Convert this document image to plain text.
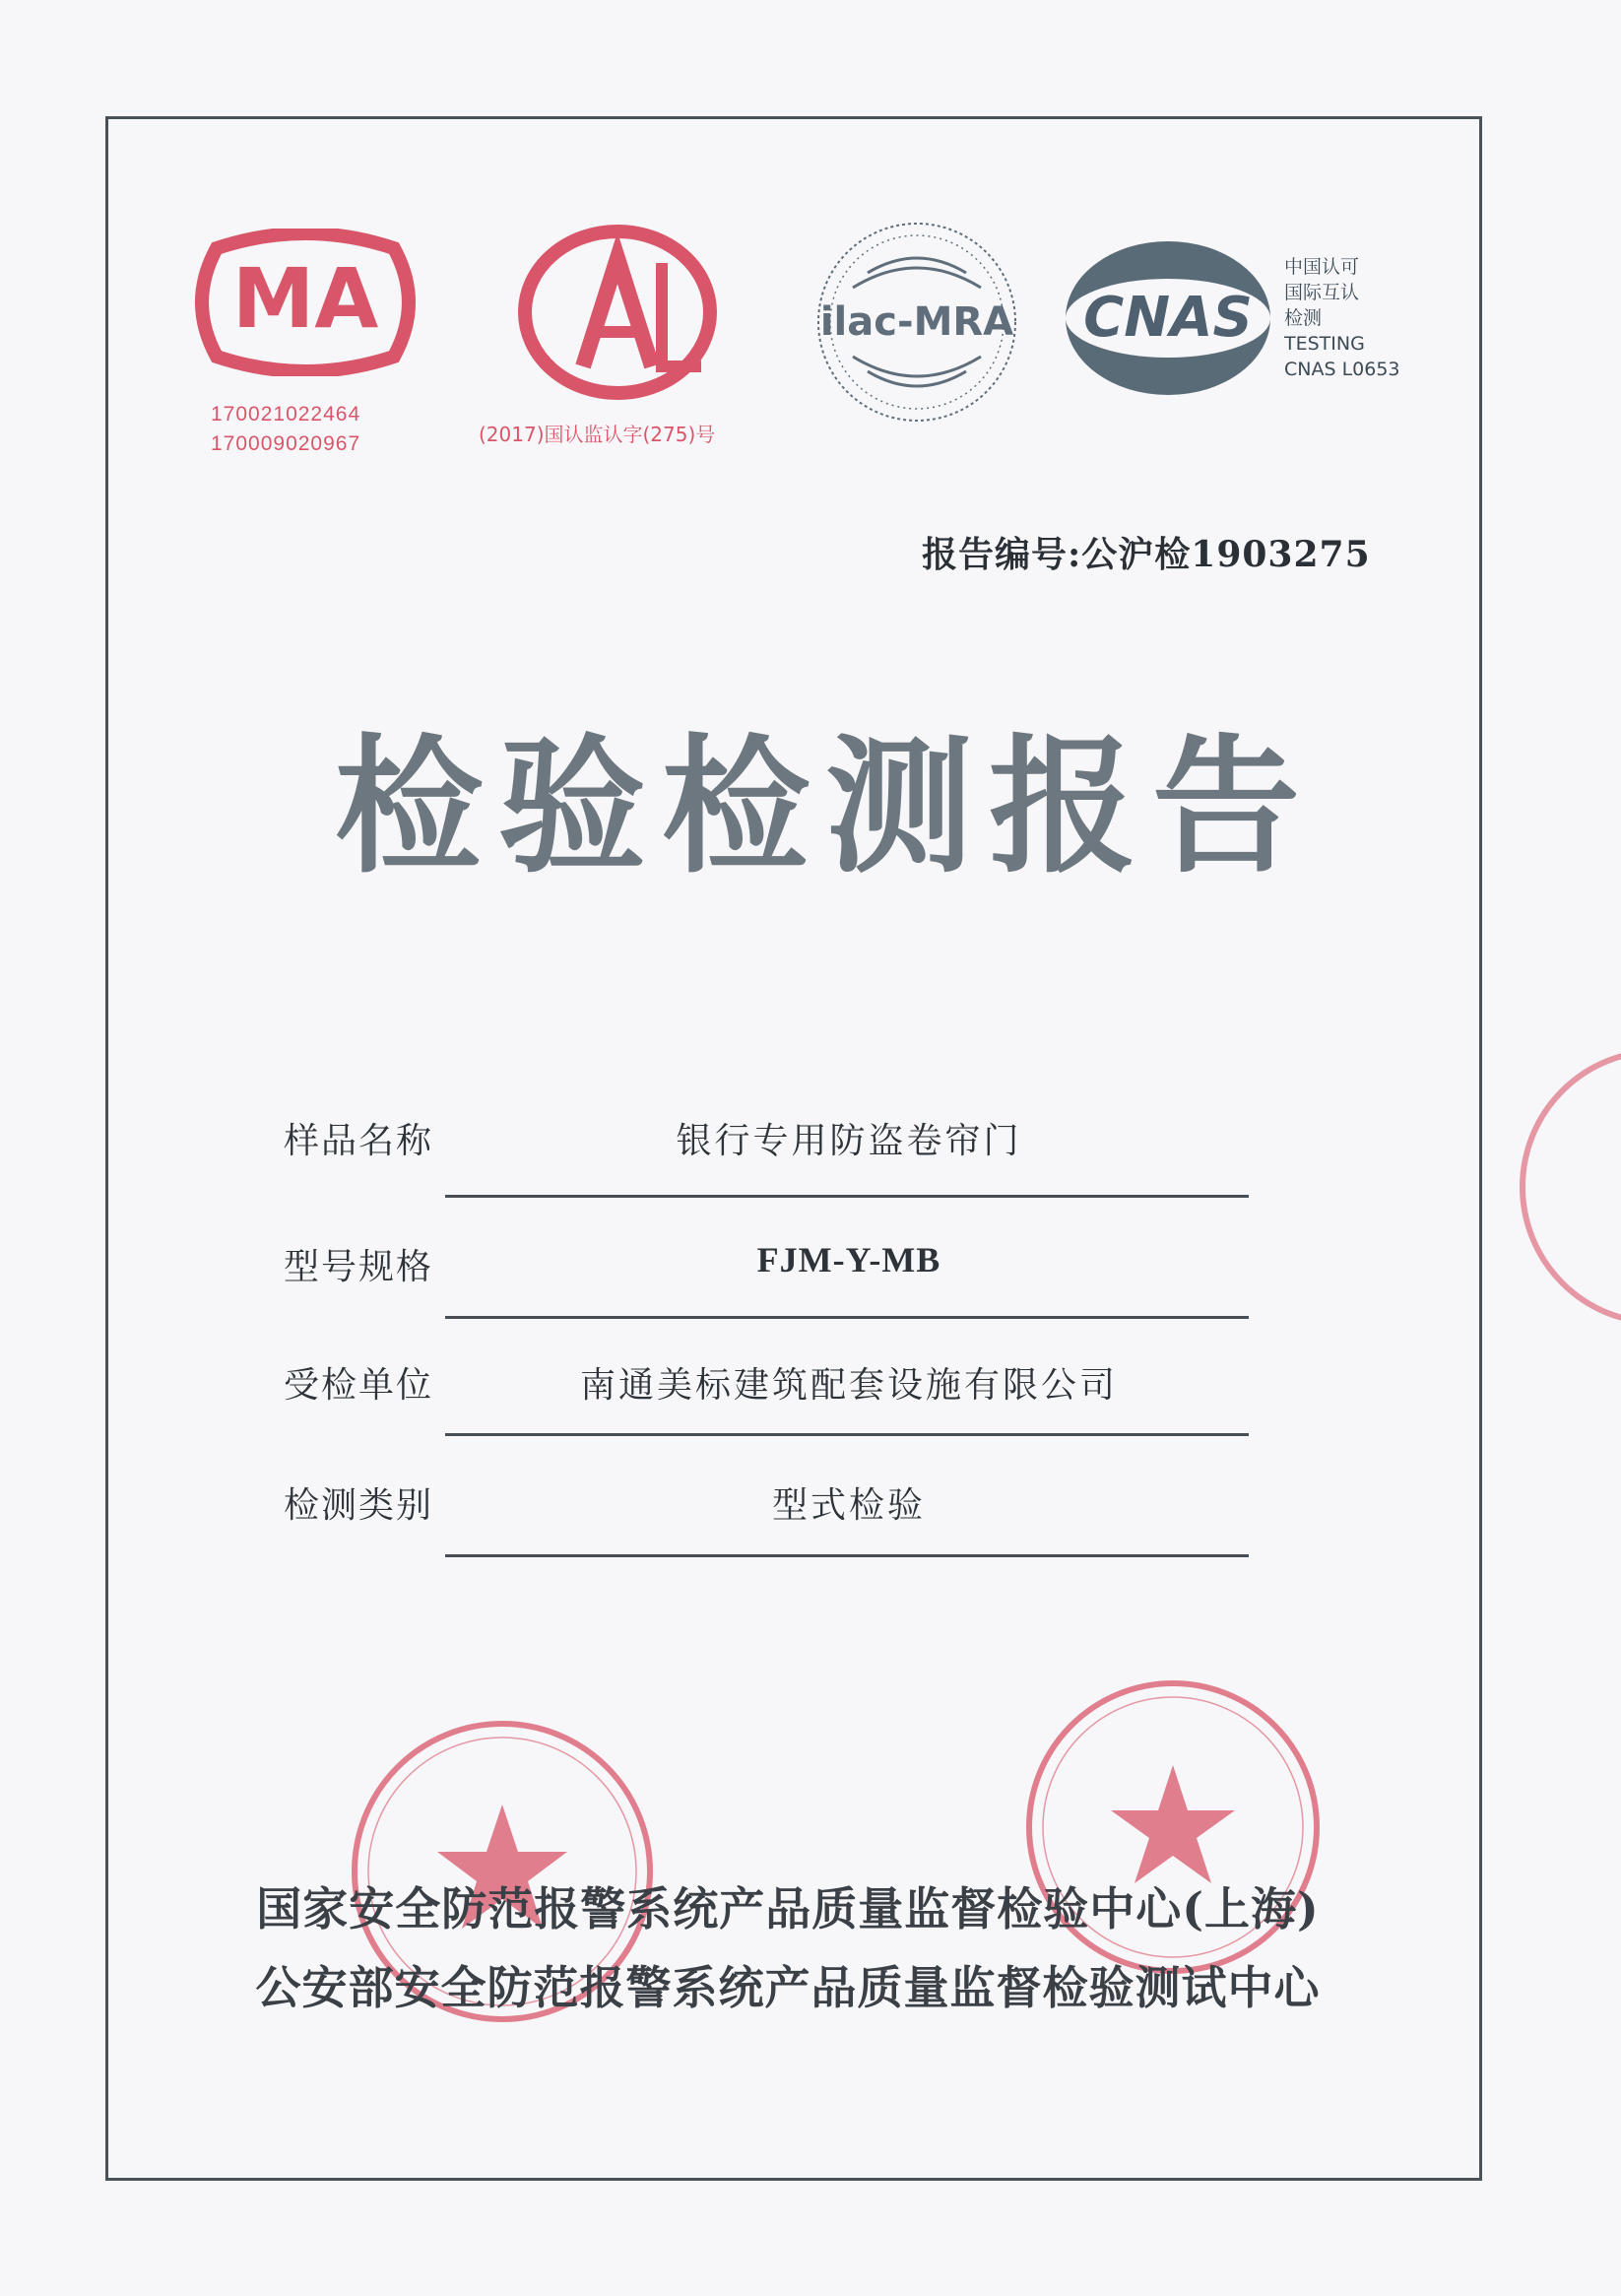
MA
170021022464
170009020967
CAL
(2017)国认监认字(275)号
ilac-MRA CNAS
中国认可
国际互认
检测
TESTING
CNAS L0653
报告编号:公沪检1903275
检验检测报告
样品名称	银行专用防盗卷帘门
型号规格	FJM-Y-MB
受检单位	南通美标建筑配套设施有限公司
检测类别	型式检验
全国安全防范报警系统产品质量监督检验中心(上海) 检验检测专用章
公安部安全防范报警系统产品质量检测中心 检验检测专用章
公安部安全 质量监 检
国家安全防范报警系统产品质量监督检验中心(上海)
公安部安全防范报警系统产品质量监督检验测试中心
